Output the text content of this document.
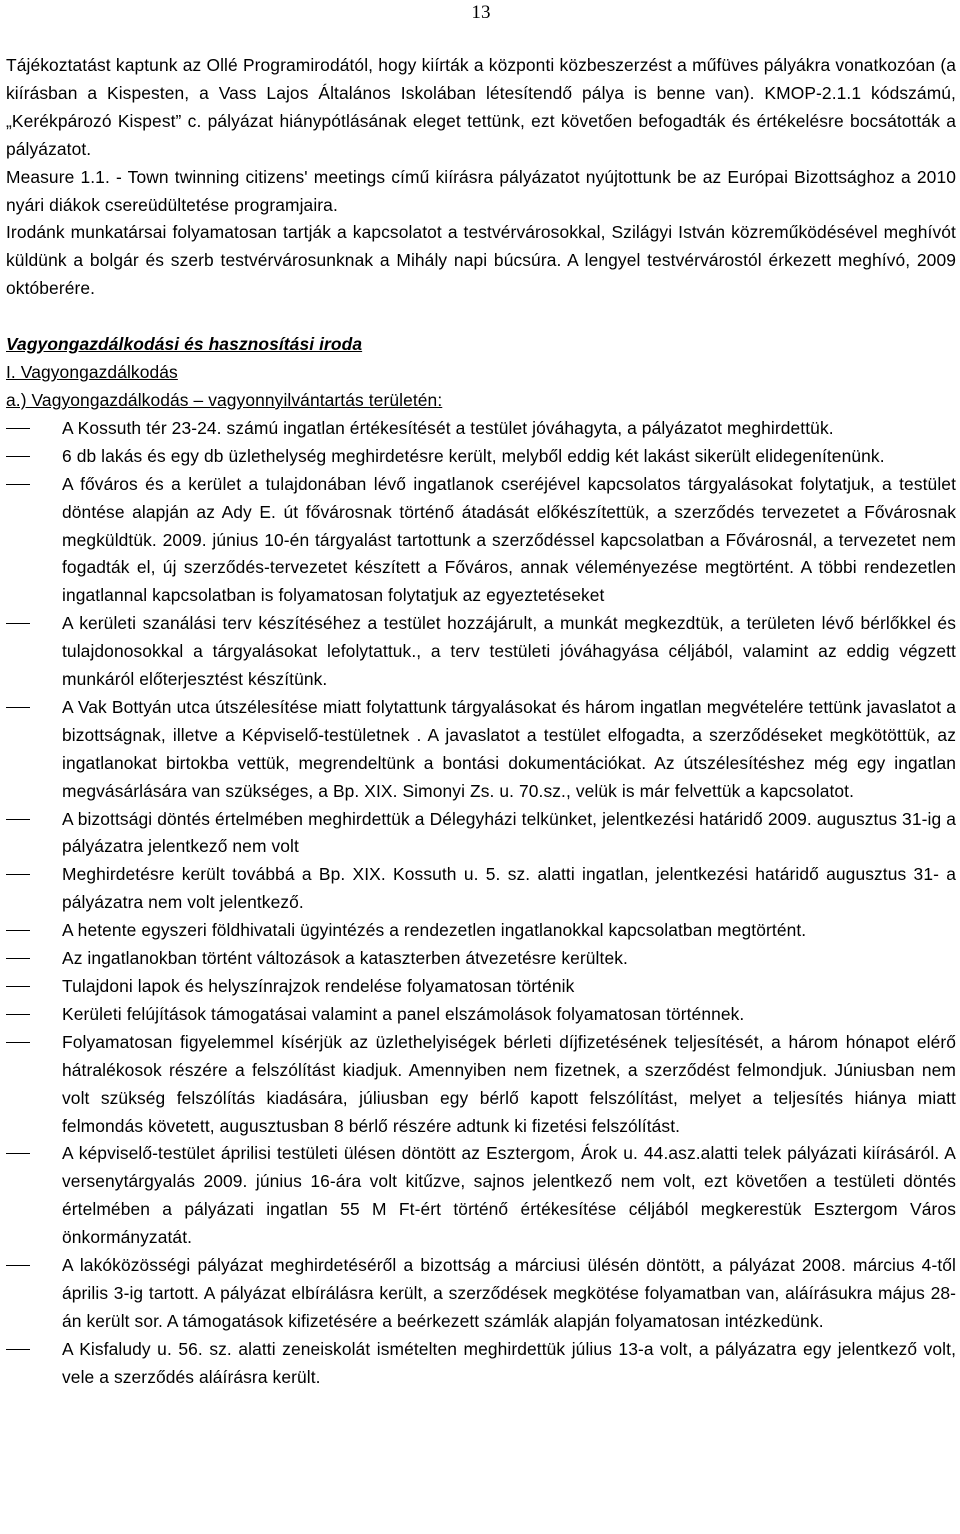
13

Tájékoztatást kaptunk az Ollé Programirodától, hogy kiírták a központi közbeszerzést a műfüves pályákra vonatkozóan (a kiírásban a Kispesten, a Vass Lajos Általános Iskolában létesítendő pálya is benne van). KMOP-2.1.1 kódszámú, „Kerékpározó Kispest” c. pályázat hiánypótlásának eleget tettünk, ezt követően befogadták és értékelésre bocsátották a pályázatot.

Measure 1.1. - Town twinning citizens' meetings című kiírásra pályázatot nyújtottunk be az Európai Bizottsághoz a 2010 nyári diákok csereüdültetése programjaira.

Irodánk munkatársai folyamatosan tartják a kapcsolatot a testvérvárosokkal, Szilágyi István közreműködésével meghívót küldünk a bolgár és szerb testvérvárosunknak a Mihály napi búcsúra. A lengyel testvérvárostól érkezett meghívó, 2009 októberére.

Vagyongazdálkodási és hasznosítási iroda

I. Vagyongazdálkodás

a.) Vagyongazdálkodás – vagyonnyilvántartás területén:

A Kossuth tér 23-24. számú ingatlan értékesítését a testület jóváhagyta, a pályázatot meghirdettük.
6 db lakás és egy db üzlethelység meghirdetésre került, melyből eddig két lakást sikerült elidegenítenünk.
A főváros és a kerület a tulajdonában lévő ingatlanok cseréjével kapcsolatos tárgyalásokat folytatjuk, a testület döntése alapján az Ady E. út fővárosnak történő átadását előkészítettük, a szerződés tervezetet a Fővárosnak megküldtük. 2009. június 10-én tárgyalást tartottunk a szerződéssel kapcsolatban a Fővárosnál, a tervezetet nem fogadták el, új szerződés-tervezetet készített a Főváros, annak véleményezése megtörtént. A többi rendezetlen ingatlannal kapcsolatban is folyamatosan folytatjuk az egyeztetéseket
A kerületi szanálási terv készítéséhez a testület hozzájárult, a munkát megkezdtük, a területen lévő bérlőkkel és tulajdonosokkal a tárgyalásokat lefolytattuk., a terv testületi jóváhagyása céljából, valamint az eddig végzett munkáról előterjesztést készítünk.
A Vak Bottyán utca útszélesítése miatt folytattunk tárgyalásokat és három ingatlan megvételére tettünk javaslatot a bizottságnak, illetve a Képviselő-testületnek . A javaslatot a testület elfogadta, a szerződéseket megkötöttük, az ingatlanokat birtokba vettük, megrendeltünk a bontási dokumentációkat. Az útszélesítéshez még egy ingatlan megvásárlására van szükséges, a Bp. XIX. Simonyi Zs. u. 70.sz., velük is már felvettük a kapcsolatot.
A bizottsági döntés értelmében meghirdettük a Délegyházi telkünket, jelentkezési határidő 2009. augusztus 31-ig a pályázatra jelentkező nem volt
Meghirdetésre került továbbá a Bp. XIX. Kossuth u. 5. sz. alatti ingatlan, jelentkezési határidő augusztus 31- a pályázatra nem volt jelentkező.
A hetente egyszeri földhivatali ügyintézés a rendezetlen ingatlanokkal kapcsolatban megtörtént.
Az ingatlanokban történt változások a kataszterben átvezetésre kerültek.
Tulajdoni lapok és helyszínrajzok rendelése folyamatosan történik
Kerületi felújítások támogatásai valamint a panel elszámolások folyamatosan történnek.
Folyamatosan figyelemmel kísérjük az üzlethelyiségek bérleti díjfizetésének teljesítését, a három hónapot elérő hátralékosok részére a felszólítást kiadjuk. Amennyiben nem fizetnek, a szerződést felmondjuk. Júniusban nem volt szükség felszólítás kiadására, júliusban egy bérlő kapott felszólítást, melyet a teljesítés hiánya miatt felmondás követett, augusztusban 8 bérlő részére adtunk ki fizetési felszólítást.
A képviselő-testület áprilisi testületi ülésen döntött az Esztergom, Árok u. 44.asz.alatti telek pályázati kiírásáról. A versenytárgyalás 2009. június 16-ára volt kitűzve, sajnos jelentkező nem volt, ezt követően a testületi döntés értelmében a pályázati ingatlan 55 M Ft-ért történő értékesítése céljából megkerestük Esztergom Város önkormányzatát.
A lakóközösségi pályázat meghirdetéséről a bizottság a márciusi ülésén döntött, a pályázat 2008. március 4-től április 3-ig tartott. A pályázat elbírálásra került, a szerződések megkötése folyamatban van, aláírásukra május 28-án került sor. A támogatások kifizetésére a beérkezett számlák alapján folyamatosan intézkedünk.
A Kisfaludy u. 56. sz. alatti zeneiskolát ismételten meghirdettük július 13-a volt, a pályázatra egy jelentkező volt, vele a szerződés aláírásra került.
